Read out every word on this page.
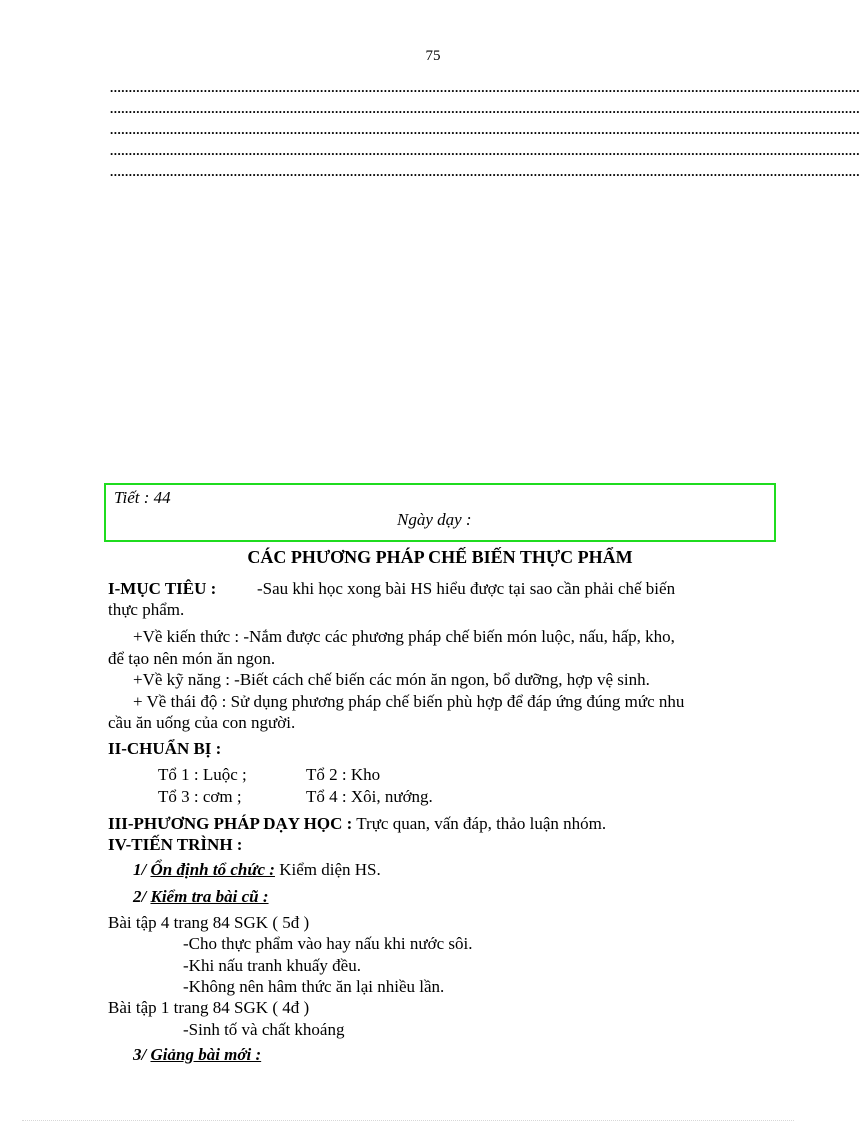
75
........................................................................................................................................................................................................
........................................................................................................................................................................................................
........................................................................................................................................................................................................
........................................................................................................................................................................................................
........................................................................................................................................................................................................
Tiết : 44
Ngày dạy :
CÁC PHƯƠNG PHÁP CHẾ BIẾN THỰC PHẨM
I-MỤC TIÊU : -Sau khi học xong bài HS hiểu được tại sao cần phải chế biến
thực phẩm.
+Về kiến thức : -Nắm được các phương pháp chế biến món luộc, nấu, hấp, kho,
để tạo nên món ăn ngon.
+Về kỹ năng : -Biết cách chế biến các món ăn ngon, bổ dưỡng, hợp vệ sinh.
+ Về thái độ : Sử dụng phương pháp chế biến phù hợp để đáp ứng đúng mức nhu
cầu ăn uống của con người.
II-CHUẨN BỊ :
Tổ 1 : Luộc ;	Tổ 2 : Kho
Tổ 3 : cơm ;	Tổ 4 : Xôi, nướng.
III-PHƯƠNG PHÁP DẠY HỌC : Trực quan, vấn đáp, thảo luận nhóm.
IV-TIẾN TRÌNH :
1/ Ổn định tổ chức : Kiểm diện HS.
2/ Kiểm tra bài cũ :
Bài tập 4 trang 84 SGK ( 5đ )
-Cho thực phẩm vào hay nấu khi nước sôi.
-Khi nấu tranh khuấy đều.
-Không nên hâm thức ăn lại nhiều lần.
Bài tập 1 trang 84 SGK ( 4đ )
-Sinh tố và chất khoáng
3/ Giảng bài mới :
